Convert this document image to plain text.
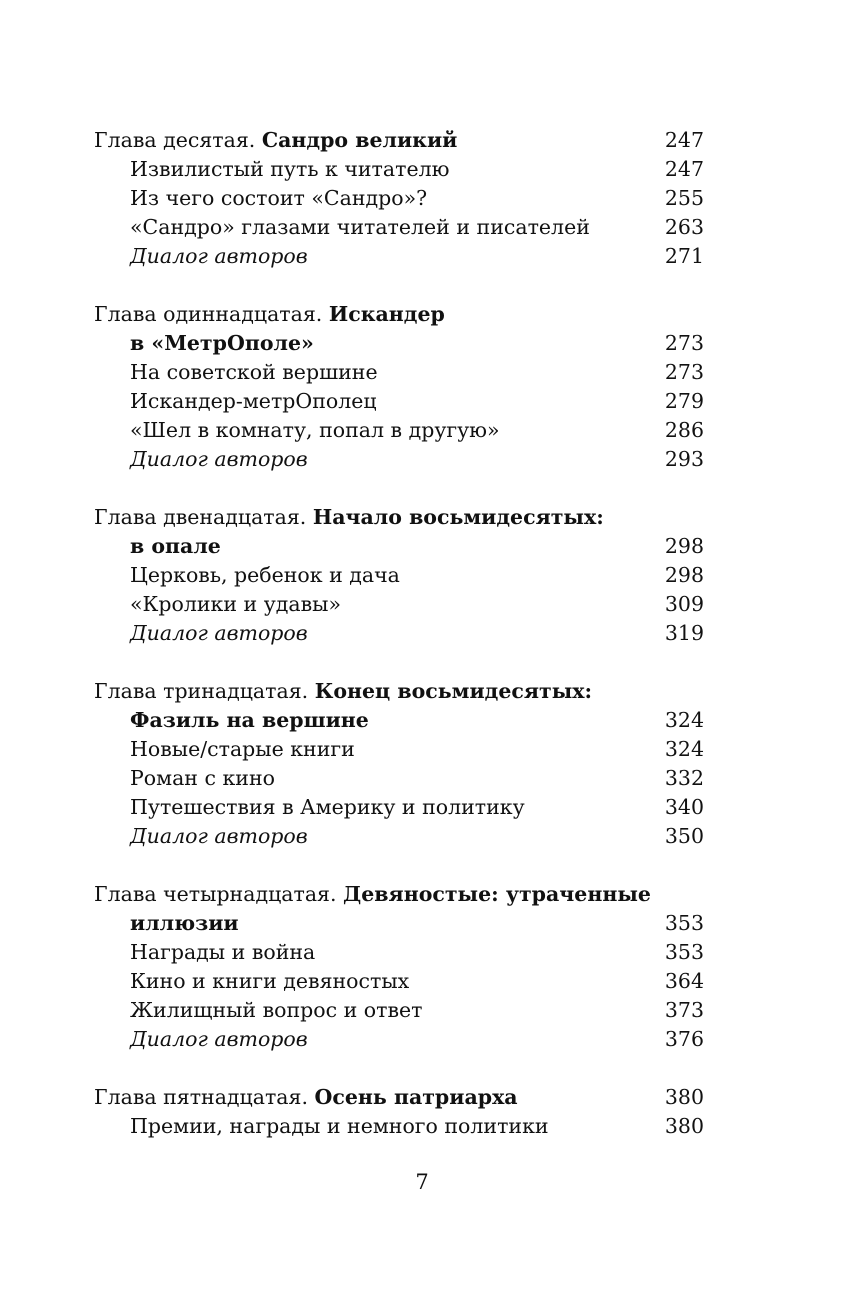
Глава десятая. Сандро великий	247
Извилистый путь к читателю	247
Из чего состоит «Сандро»?	255
«Сандро» глазами читателей и писателей	263
Диалог авторов	271
Глава одиннадцатая. Искандер
в «МетрОполе»	273
На советской вершине	273
Искандер-метрОполец	279
«Шел в комнату, попал в другую»	286
Диалог авторов	293
Глава двенадцатая. Начало восьмидесятых:
в опале	298
Церковь, ребенок и дача	298
«Кролики и удавы»	309
Диалог авторов	319
Глава тринадцатая. Конец восьмидесятых:
Фазиль на вершине	324
Новые/старые книги	324
Роман с кино	332
Путешествия в Америку и политику	340
Диалог авторов	350
Глава четырнадцатая. Девяностые: утраченные
иллюзии	353
Награды и война	353
Кино и книги девяностых	364
Жилищный вопрос и ответ	373
Диалог авторов	376
Глава пятнадцатая. Осень патриарха	380
Премии, награды и немного политики	380
7
